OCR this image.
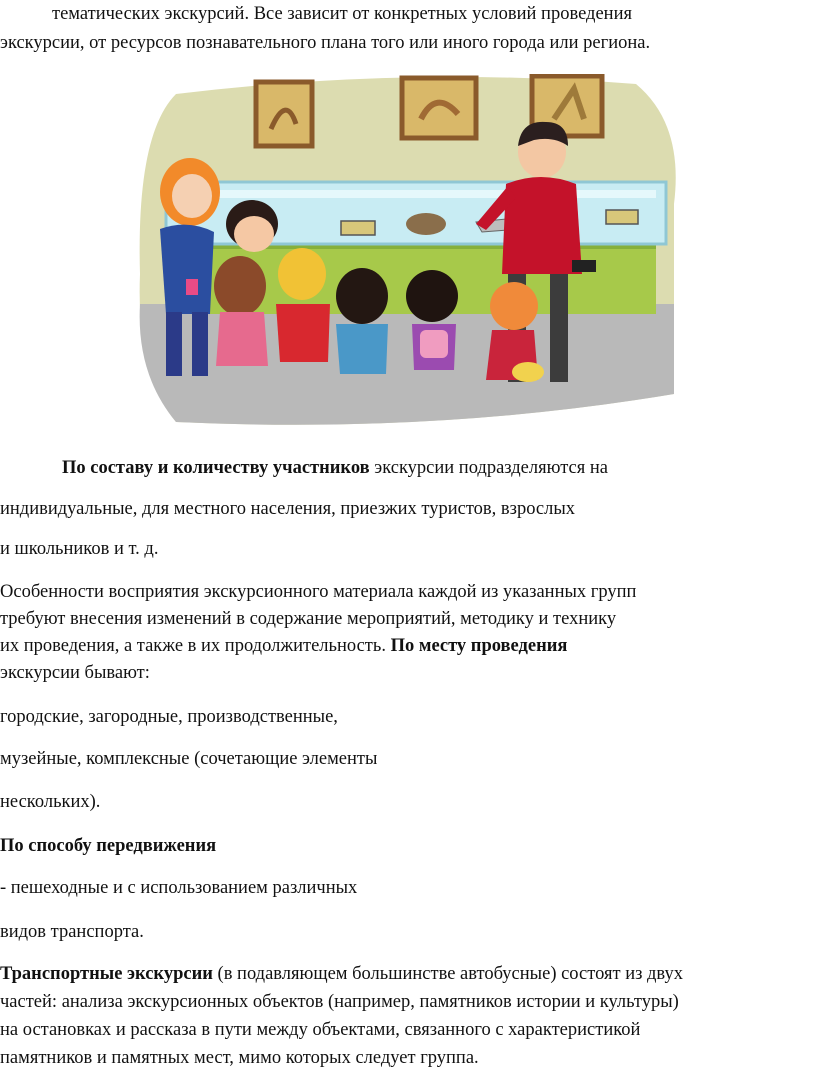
тематических экскурсий. Все зависит от конкретных условий проведения
экскурсии, от ресурсов познавательного плана того или иного города или региона.
По составу и количеству участников экскурсии подразделяются на
индивидуальные, для местного населения, приезжих туристов, взрослых
и школьников и т. д.
Особенности восприятия экскурсионного материала каждой из указанных групп
требуют внесения изменений в содержание мероприятий, методику и технику
их проведения, а также в их продолжительность. По месту проведения
экскурсии бывают:
городские, загородные, производственные,
музейные, комплексные (сочетающие элементы
нескольких).
По способу передвижения
- пешеходные и с использованием различных
видов транспорта.
Транспортные экскурсии (в подавляющем большинстве автобусные) состоят из двух
частей: анализа экскурсионных объектов (например, памятников истории и культуры)
на остановках и рассказа в пути между объектами, связанного с характеристикой
памятников и памятных мест, мимо которых следует группа.
